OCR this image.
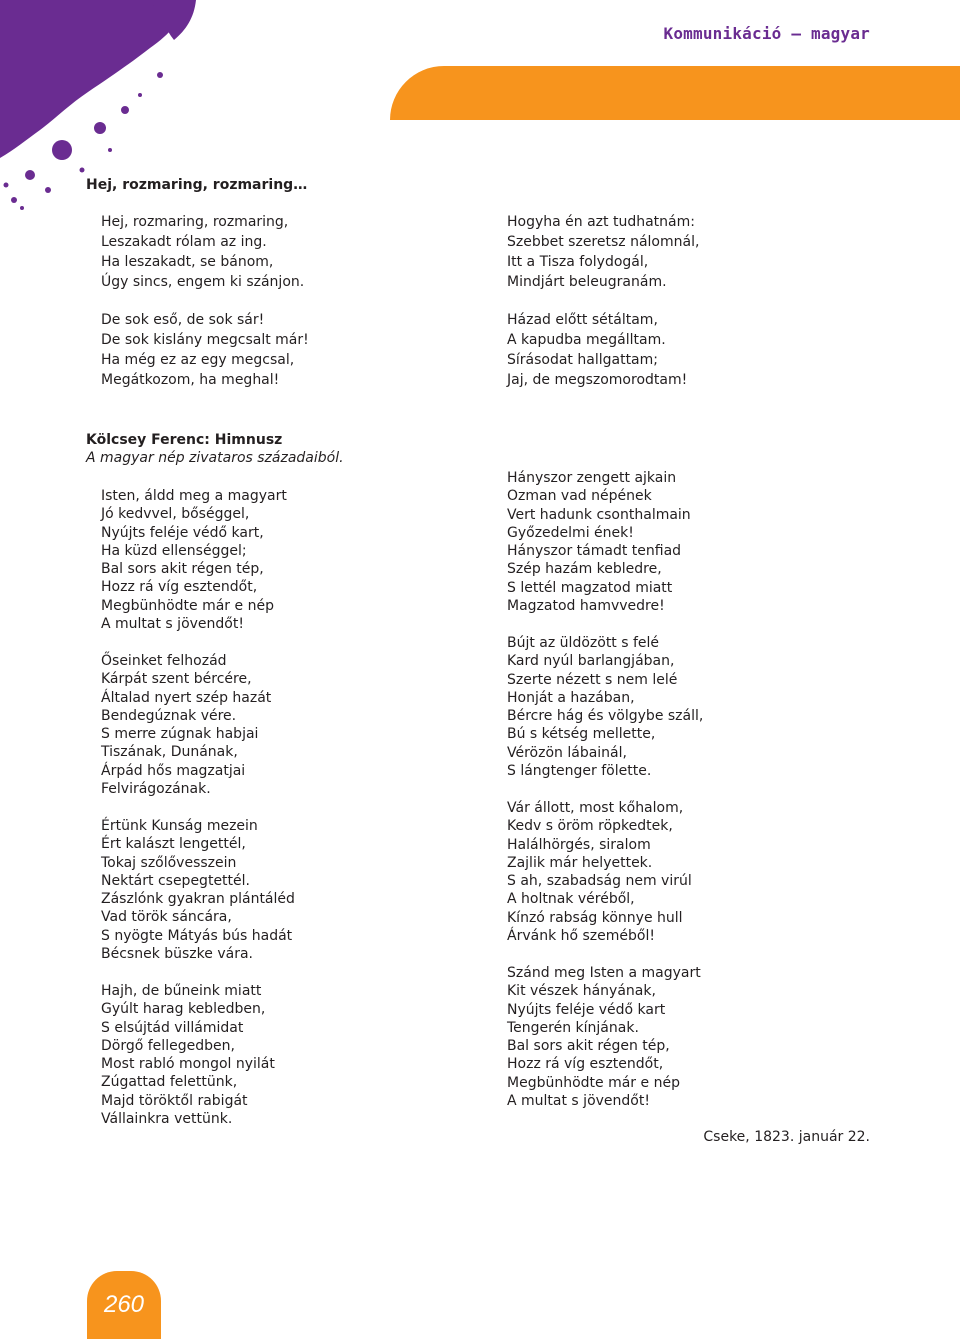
Kommunikáció – magyar
Hej, rozmaring, rozmaring…
Hej, rozmaring, rozmaring,
Leszakadt rólam az ing.
Ha leszakadt, se bánom,
Úgy sincs, engem ki szánjon.
De sok eső, de sok sár!
De sok kislány megcsalt már!
Ha még ez az egy megcsal,
Megátkozom, ha meghal!
Hogyha én azt tudhatnám:
Szebbet szeretsz nálomnál,
Itt a Tisza folydogál,
Mindjárt beleugranám.
Házad előtt sétáltam,
A kapudba megálltam.
Sírásodat hallgattam;
Jaj, de megszomorodtam!
Kölcsey Ferenc: Himnusz
A magyar nép zivataros századaiból.
Isten, áldd meg a magyart
Jó kedvvel, bőséggel,
Nyújts feléje védő kart,
Ha küzd ellenséggel;
Bal sors akit régen tép,
Hozz rá víg esztendőt,
Megbünhödte már e nép
A multat s jövendőt!
Őseinket felhozád
Kárpát szent bércére,
Általad nyert szép hazát
Bendegúznak vére.
S merre zúgnak habjai
Tiszának, Dunának,
Árpád hős magzatjai
Felvirágozának.
Értünk Kunság mezein
Ért kalászt lengettél,
Tokaj szőlővesszein
Nektárt csepegtettél.
Zászlónk gyakran plántáléd
Vad török sáncára,
S nyögte Mátyás bús hadát
Bécsnek büszke vára.
Hajh, de bűneink miatt
Gyúlt harag kebledben,
S elsújtád villámidat
Dörgő fellegedben,
Most rabló mongol nyilát
Zúgattad felettünk,
Majd töröktől rabigát
Vállainkra vettünk.
Hányszor zengett ajkain
Ozman vad népének
Vert hadunk csonthalmain
Győzedelmi ének!
Hányszor támadt tenfiad
Szép hazám kebledre,
S lettél magzatod miatt
Magzatod hamvvedre!
Bújt az üldözött s felé
Kard nyúl barlangjában,
Szerte nézett s nem lelé
Honját a hazában,
Bércre hág és völgybe száll,
Bú s kétség mellette,
Vérözön lábainál,
S lángtenger fölette.
Vár állott, most kőhalom,
Kedv s öröm röpkedtek,
Halálhörgés, siralom
Zajlik már helyettek.
S ah, szabadság nem virúl
A holtnak véréből,
Kínzó rabság könnye hull
Árvánk hő szeméből!
Szánd meg Isten a magyart
Kit vészek hányának,
Nyújts feléje védő kart
Tengerén kínjának.
Bal sors akit régen tép,
Hozz rá víg esztendőt,
Megbünhödte már e nép
A multat s jövendőt!
Cseke, 1823. január 22.
260
